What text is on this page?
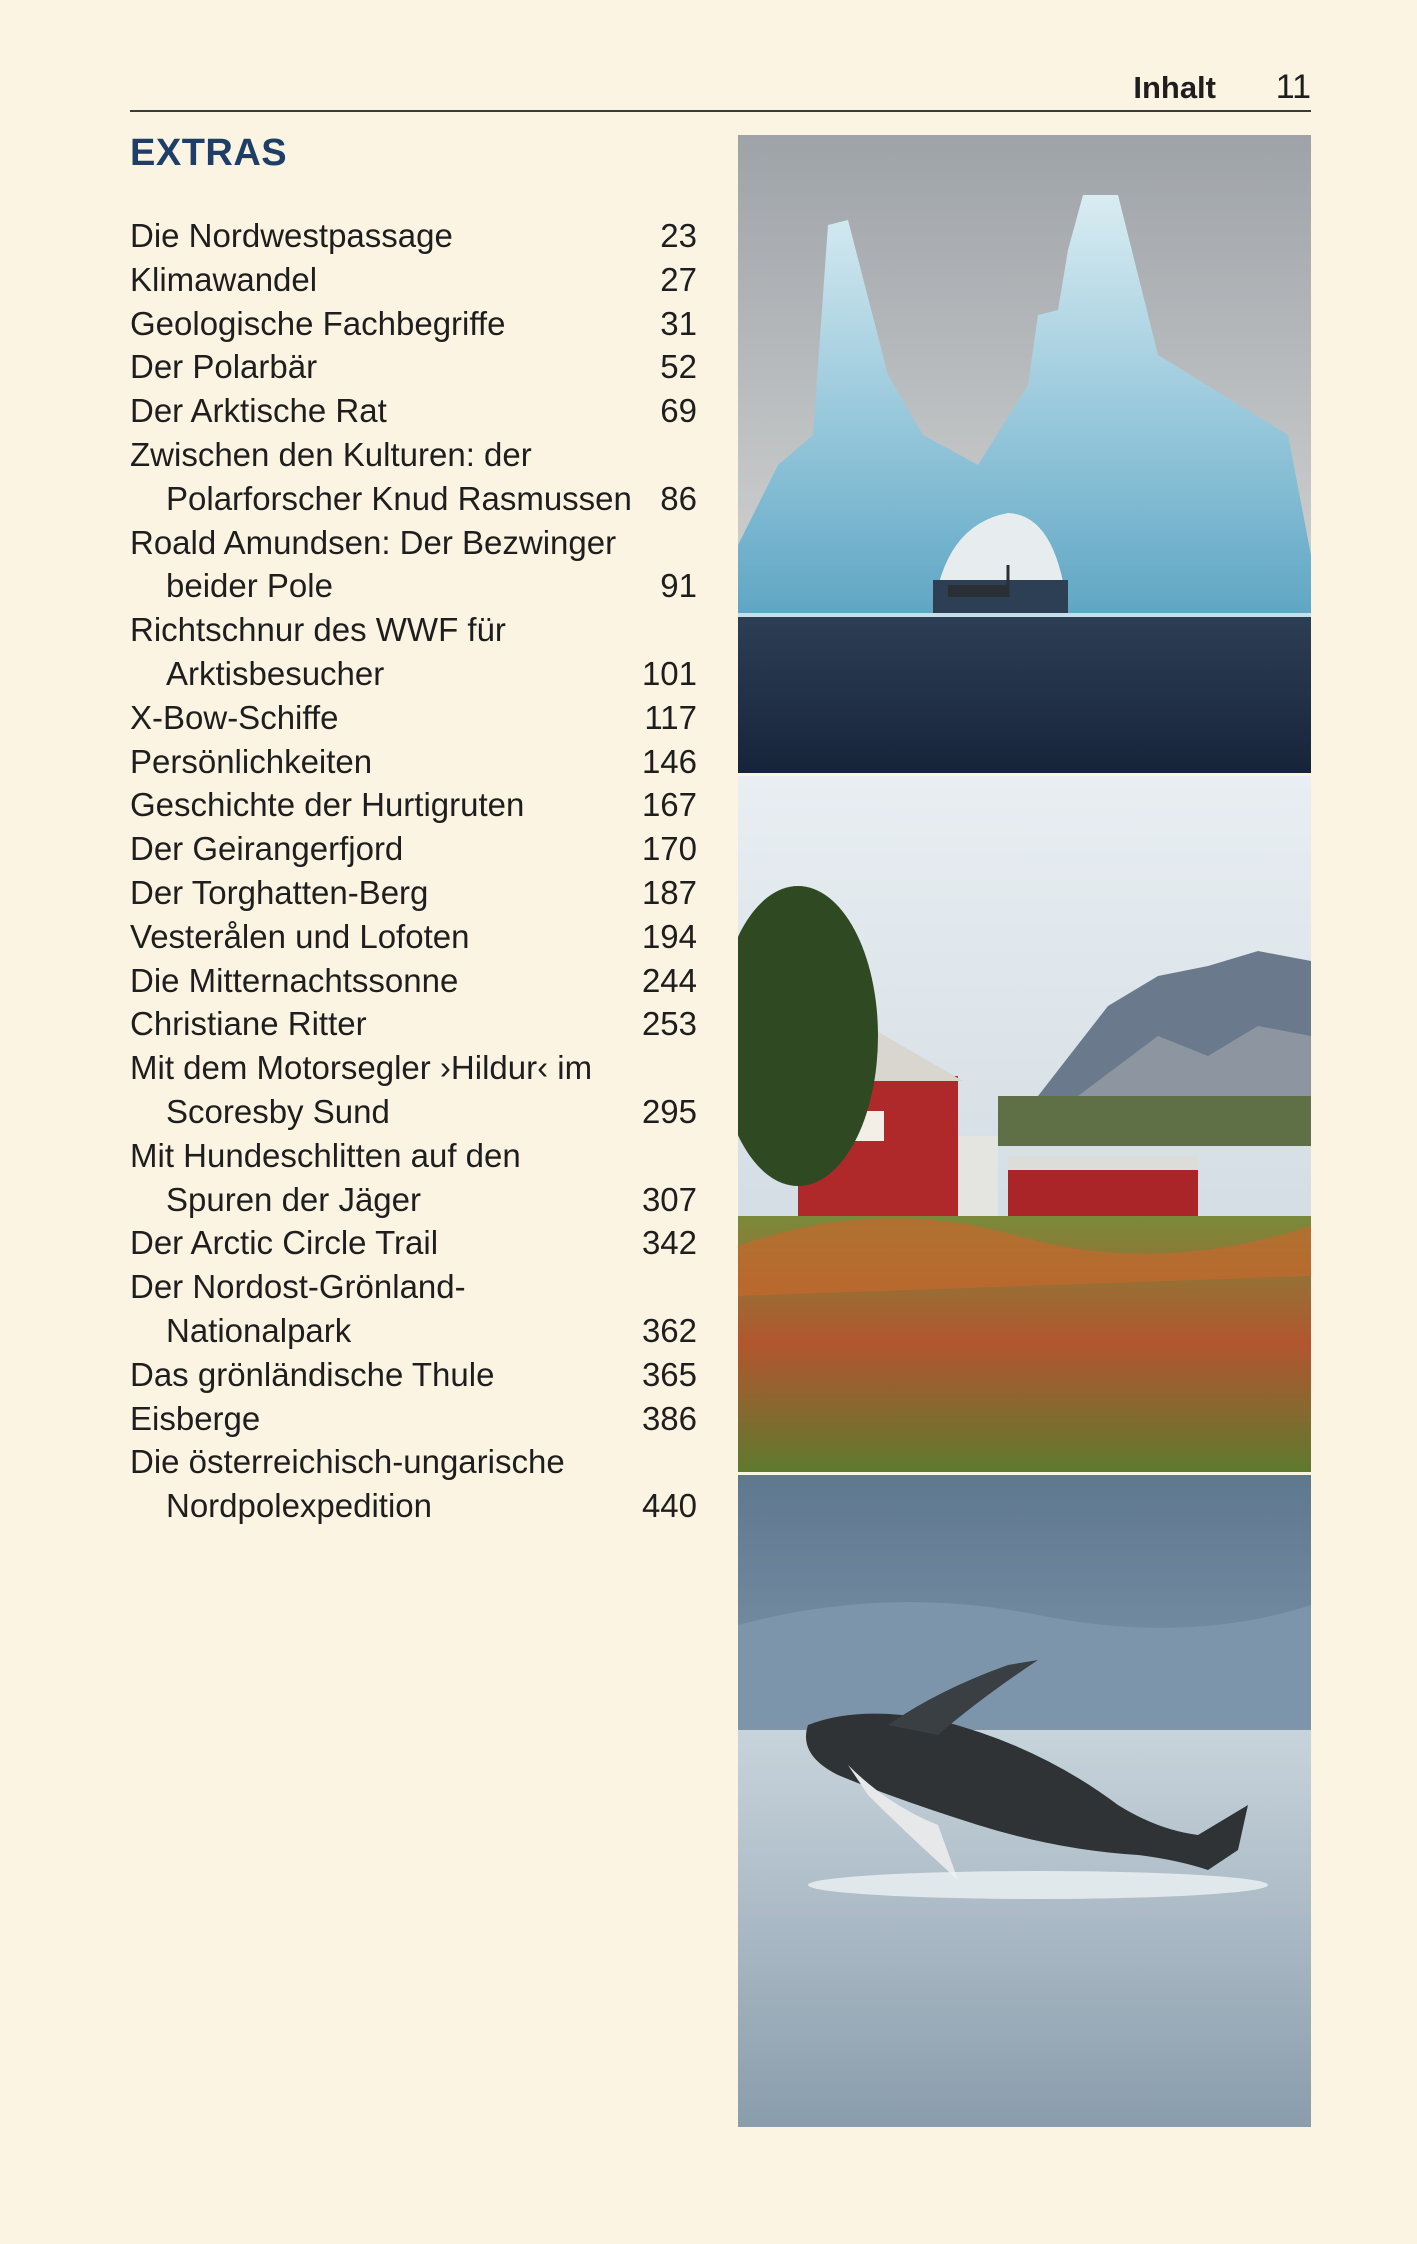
Inhalt 11
EXTRAS
Die Nordwestpassage	23
Klimawandel	27
Geologische Fachbegriffe	31
Der Polarbär	52
Der Arktische Rat	69
Zwischen den Kulturen: der
Polarforscher Knud Rasmussen 86
Roald Amundsen: Der Bezwinger
beider Pole	91
Richtschnur des WWF für
Arktisbesucher	101
X-Bow-Schiffe	117
Persönlichkeiten	146
Geschichte der Hurtigruten	167
Der Geirangerfjord	170
Der Torghatten-Berg	187
Vesterålen und Lofoten	194
Die Mitternachtssonne	244
Christiane Ritter	253
Mit dem Motorsegler ›Hildur‹ im
Scoresby Sund	295
Mit Hundeschlitten auf den
Spuren der Jäger	307
Der Arctic Circle Trail	342
Der Nordost-Grönland-
Nationalpark	362
Das grönländische Thule	365
Eisberge	386
Die österreichisch-ungarische
Nordpolexpedition	440
